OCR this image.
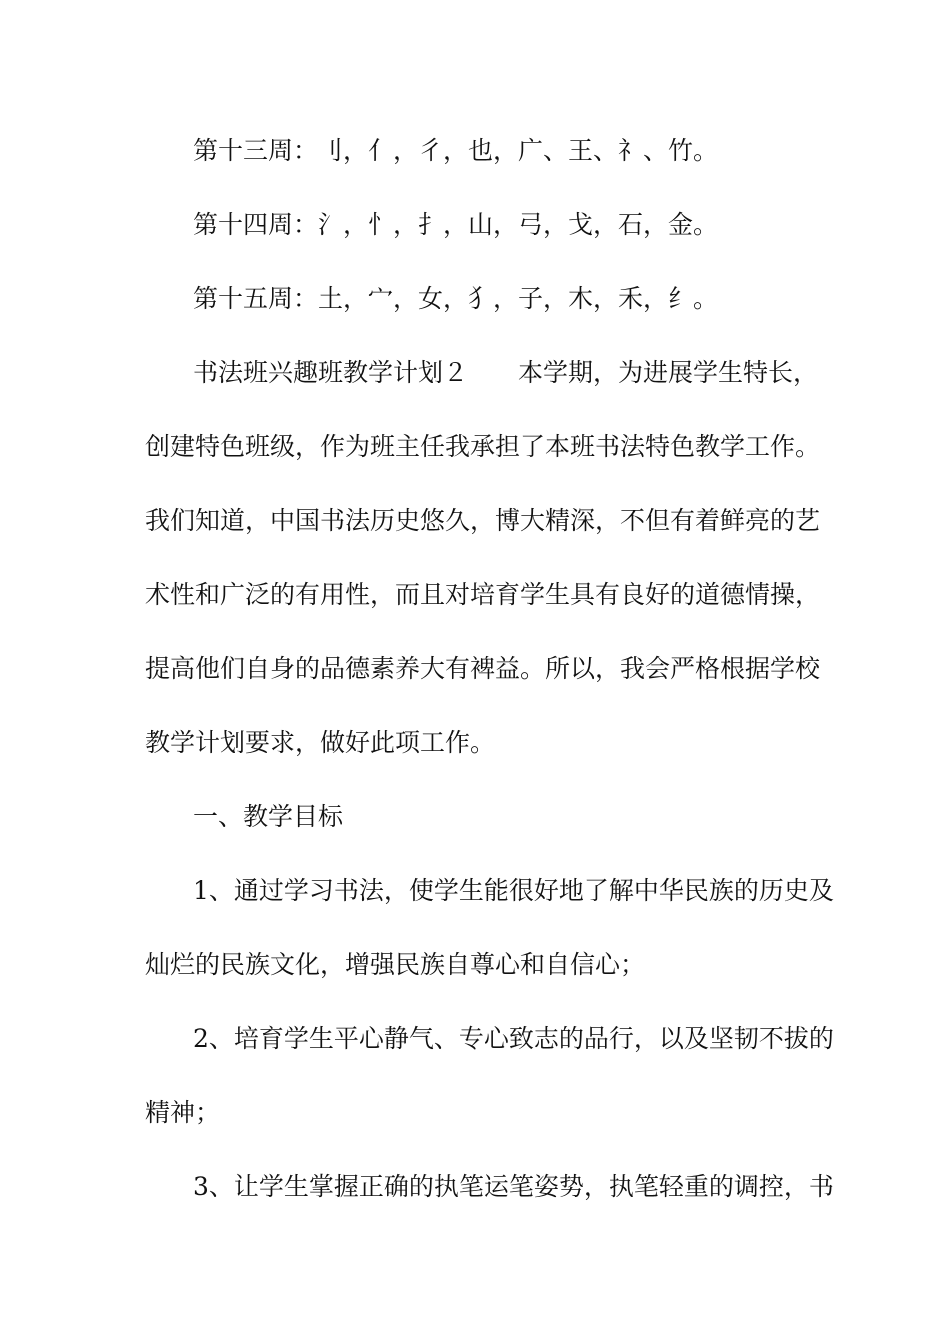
第十三周：刂，亻，彳，也，广、王、礻、竹。
第十四周：氵，忄，扌，山，弓，戈，石，金。
第十五周：土，宀，女，犭，子，木，禾，纟。
书法班兴趣班教学计划２ 本学期，为进展学生特长，
创建特色班级，作为班主任我承担了本班书法特色教学工作。
我们知道，中国书法历史悠久，博大精深，不但有着鲜亮的艺
术性和广泛的有用性，而且对培育学生具有良好的道德情操，
提高他们自身的品德素养大有裨益。所以，我会严格根据学校
教学计划要求，做好此项工作。
一、教学目标
1、通过学习书法，使学生能很好地了解中华民族的历史及
灿烂的民族文化，增强民族自尊心和自信心；
2、培育学生平心静气、专心致志的品行，以及坚韧不拔的
精神；
3、让学生掌握正确的执笔运笔姿势，执笔轻重的调控，书
